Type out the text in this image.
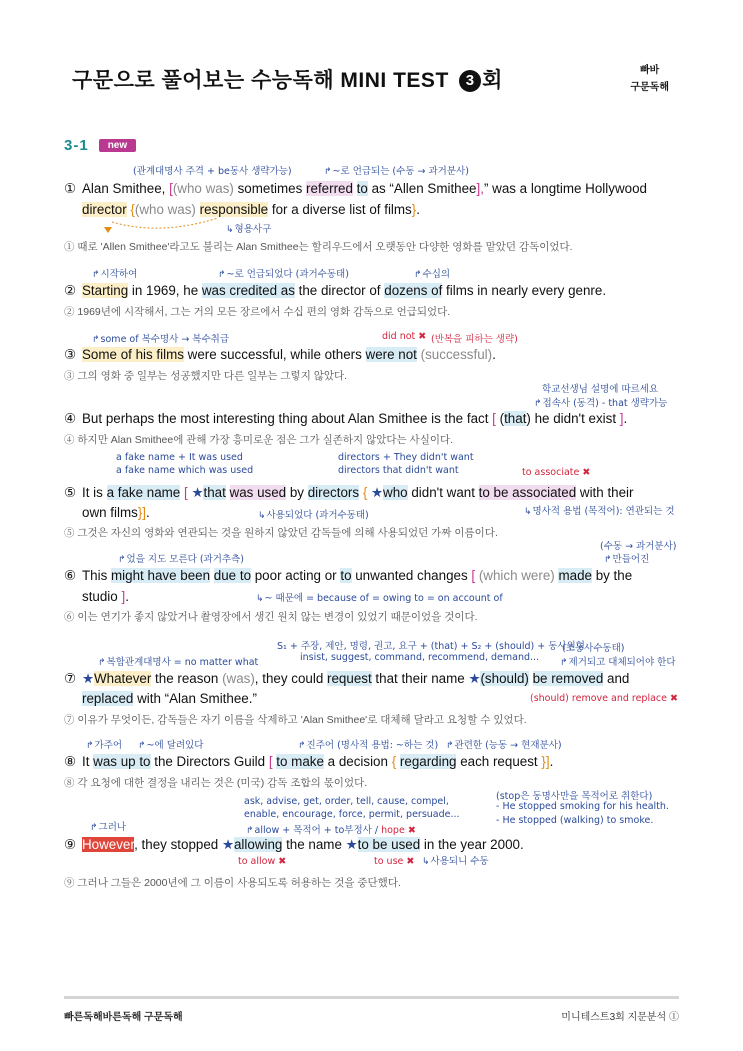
구문으로 풀어보는 수능독해 MINI TEST 3 회	빠바
구문독해
3-1	new
(관계대명사 주격 + be동사 생략가능)	↱~로 언급되는 (수동 → 과거분사)
① Alan Smithee, [(who was) sometimes referred to as “Allen Smithee],” was a longtime Hollywood
director {(who was) responsible for a diverse list of films}.
↳형용사구
① 때로 'Allen Smithee'라고도 불리는 Alan Smithee는 할리우드에서 오랫동안 다양한 영화를 맡았던 감독이었다.
↱시작하여	↱~로 언급되었다 (과거수동태)	↱수십의
② Starting in 1969, he was credited as the director of dozens of films in nearly every genre.
② 1969년에 시작해서, 그는 거의 모든 장르에서 수십 편의 영화 감독으로 언급되었다.
↱some of 복수명사 → 복수취급	did not ✖ (반복을 피하는 생략)
③ Some of his films were successful, while others were not (successful).
③ 그의 영화 중 일부는 성공했지만 다른 일부는 그렇지 않았다.
학교선생님 설명에 따르세요
↱접속사 (동격) - that 생략가능
④ But perhaps the most interesting thing about Alan Smithee is the fact [ (that) he didn't exist ].
④ 하지만 Alan Smithee에 관해 가장 흥미로운 점은 그가 실존하지 않았다는 사실이다.
a fake name + It was used
a fake name which was used
directors + They didn't want
directors that didn't want	to associate ✖
⑤ It is a fake name [ ★that was used by directors { ★who didn't want to be associated with their
own films}].	↳사용되었다 (과거수동태)	↳명사적 용법 (목적어): 연관되는 것
⑤ 그것은 자신의 영화와 연관되는 것을 원하지 않았던 감독들에 의해 사용되었던 가짜 이름이다.
(수동 → 과거분사)
↱만들어진
↱었을 지도 모른다 (과거추측)
⑥ This might have been due to poor acting or to unwanted changes [ (which were) made by the
studio ].	↳~ 때문에 = because of = owing to = on account of
⑥ 이는 연기가 좋지 않았거나 촬영장에서 생긴 원치 않는 변경이 있었기 때문이었을 것이다.
S₁ + 주장, 제안, 명령, 권고, 요구 + (that) + S₂ + (should) + 동사원형
insist, suggest, command, recommend, demand...
(조동사수동태)
↱제거되고 대체되어야 한다
↱복합관계대명사 = no matter what
⑦ ★Whatever the reason (was), they could request that their name ★(should) be removed and
replaced with “Alan Smithee.”	(should) remove and replace ✖
⑦ 이유가 무엇이든, 감독들은 자기 이름을 삭제하고 'Alan Smithee'로 대체해 달라고 요청할 수 있었다.
↱가주어 ↱~에 달려있다	↱진주어 (명사적 용법: ~하는 것) ↱관련한 (능동 → 현재분사)
⑧ It was up to the Directors Guild [ to make a decision { regarding each request }].
⑧ 각 요청에 대한 결정을 내리는 것은 (미국) 감독 조합의 몫이었다.
(stop은 동명사만을 목적어로 취한다)
- He stopped smoking for his health.
- He stopped (walking) to smoke.
ask, advise, get, order, tell, cause, compel,
enable, encourage, force, permit, persuade...
↱allow + 목적어 + to부정사 / hope ✖
↱그러나
⑨ However, they stopped ★allowing the name ★to be used in the year 2000.
to allow ✖	to use ✖ ↳사용되니 수동
⑨ 그러나 그들은 2000년에 그 이름이 사용되도록 허용하는 것을 중단했다.
빠른독해바른독해 구문독해	미니테스트3회 지문분석 ①
